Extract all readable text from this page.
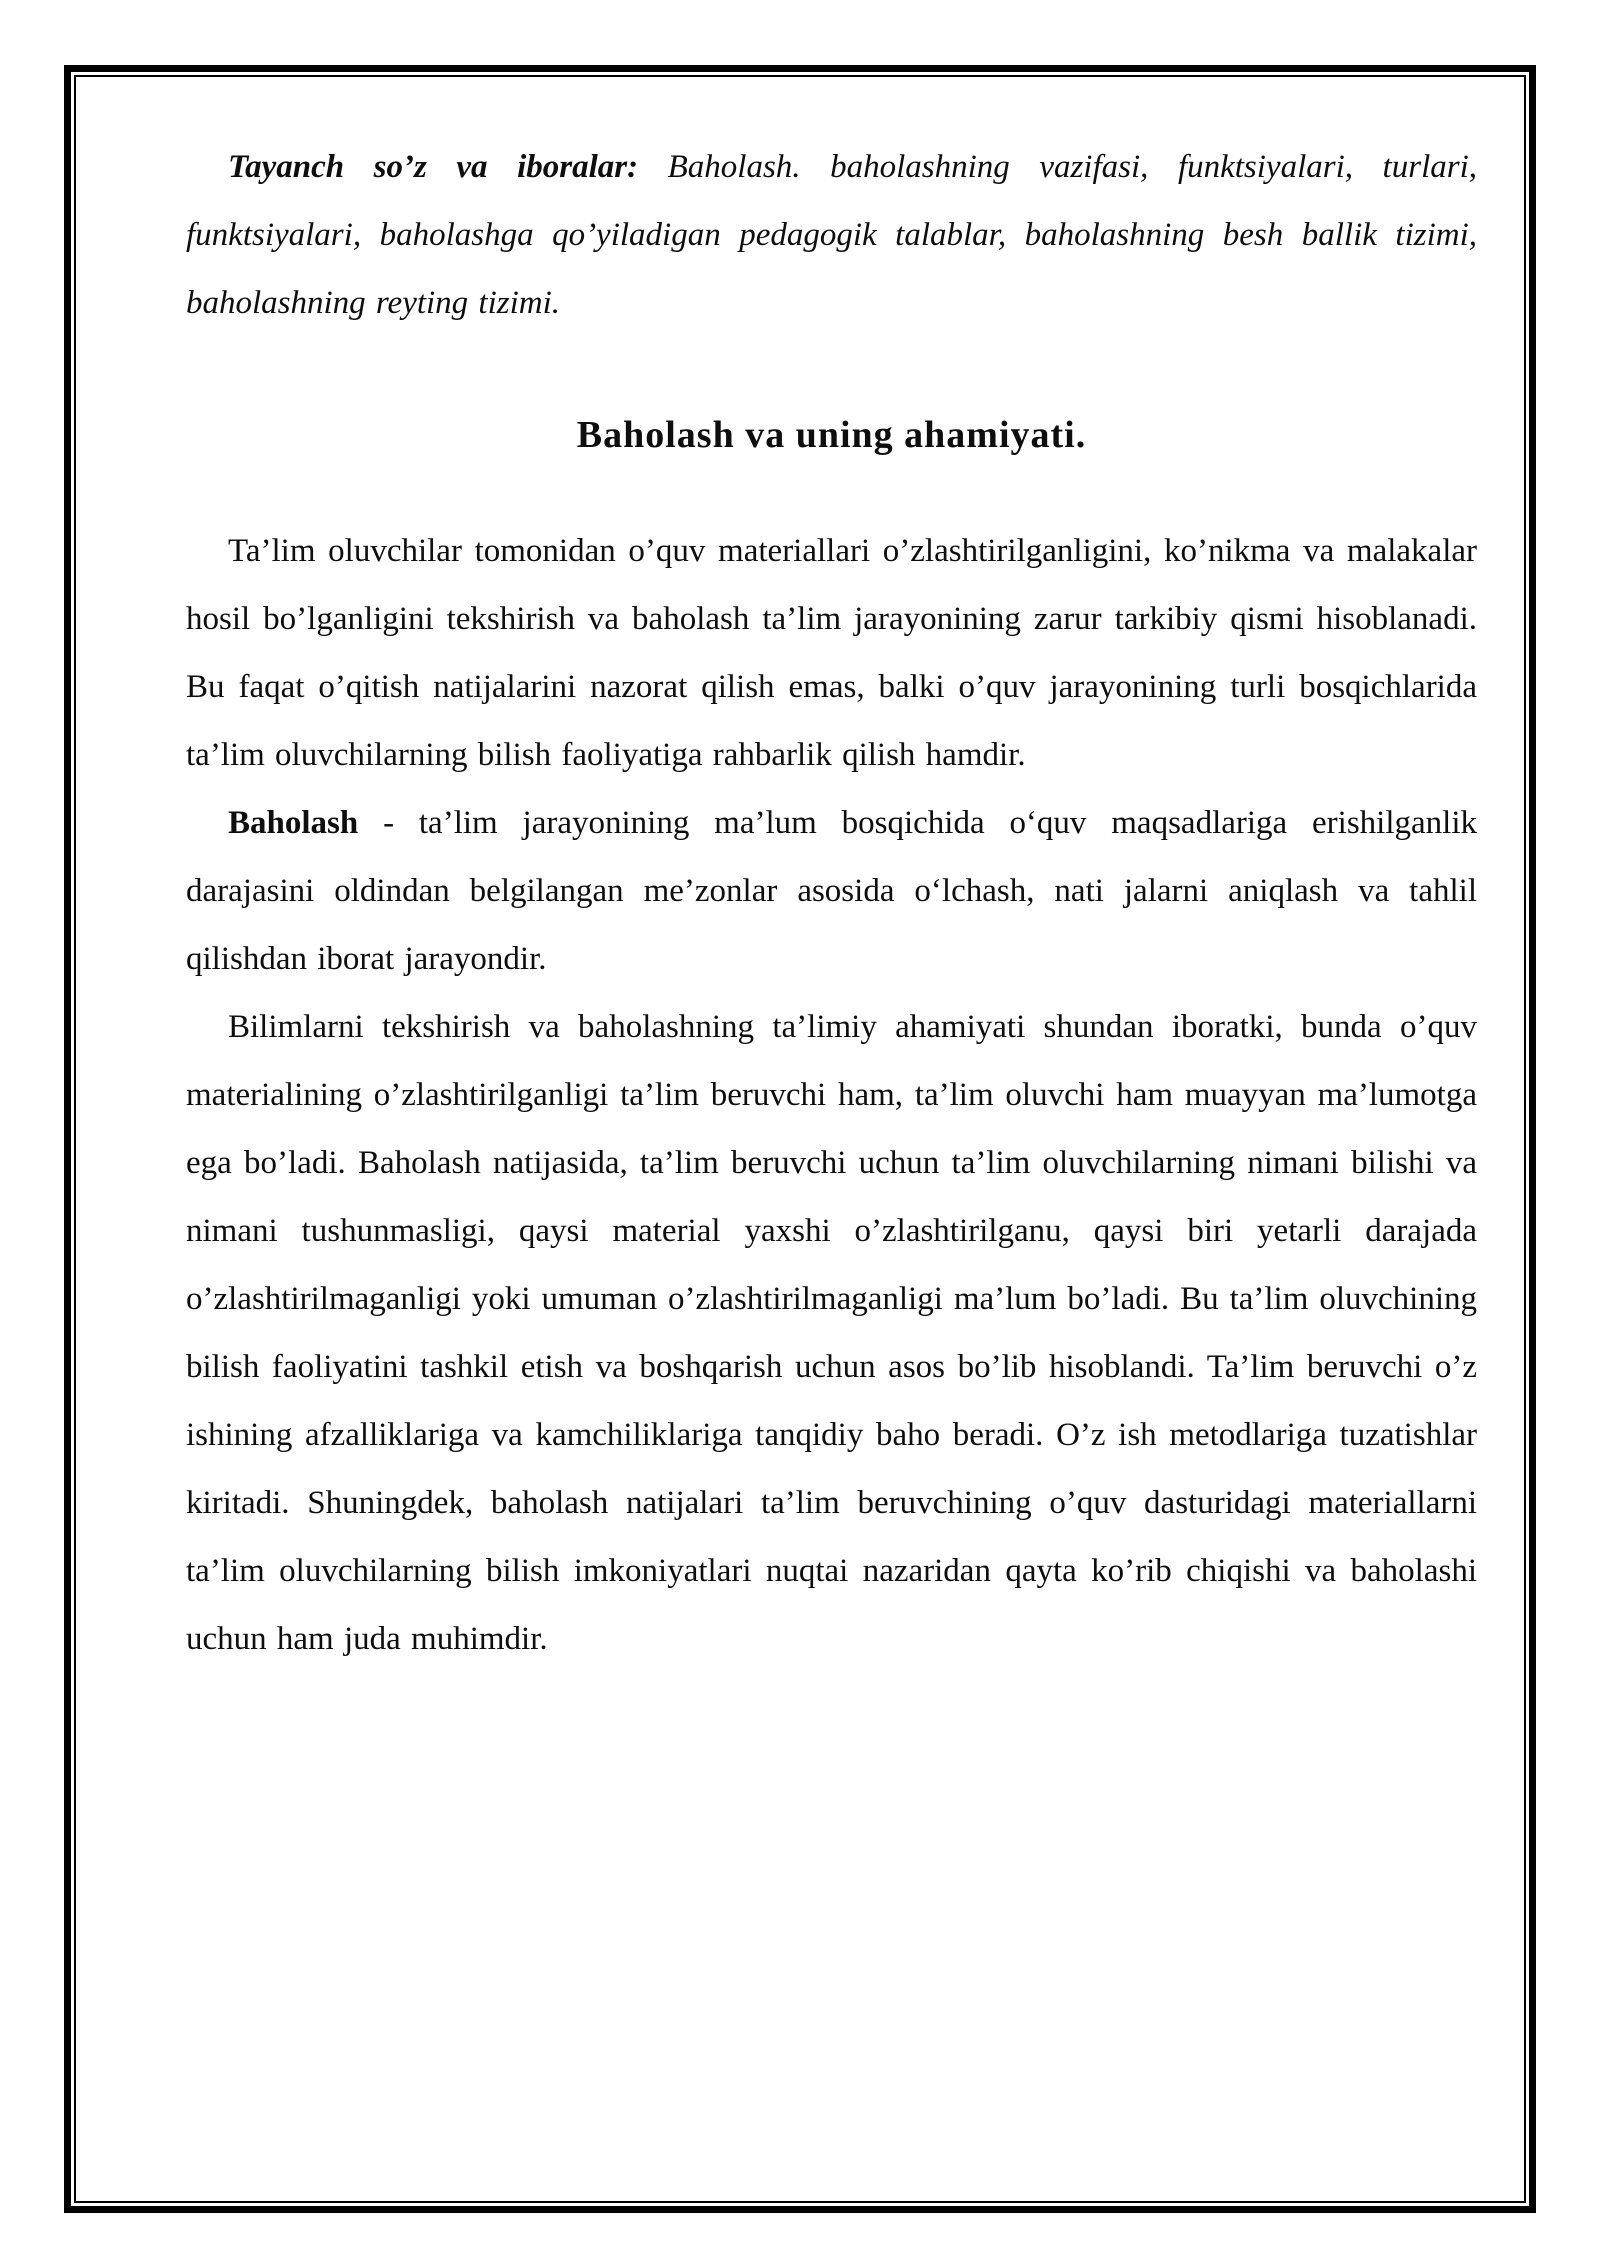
Tayanch so’z va iboralar: Baholash. baholashning vazifasi, funktsiyalari, turlari, funktsiyalari, baholashga qo’yiladigan pedagogik talablar, baholashning besh ballik tizimi, baholashning reyting tizimi.

Baholash va uning ahamiyati.

Ta’lim oluvchilar tomonidan o’quv materiallari o’zlashtirilganligini, ko’nikma va malakalar hosil bo’lganligini tekshirish va baholash ta’lim jarayonining zarur tarkibiy qismi hisoblanadi. Bu faqat o’qitish natijalarini nazorat qilish emas, balki o’quv jarayonining turli bosqichlarida ta’lim oluvchilarning bilish faoliyatiga rahbarlik qilish hamdir.

Baholash - ta’lim jarayonining ma’lum bosqichida o‘quv maqsadlariga erishilganlik darajasini oldindan belgilangan me’zonlar asosida o‘lchash, nati jalarni aniqlash va tahlil qilishdan iborat jarayondir.

Bilimlarni tekshirish va baholashning ta’limiy ahamiyati shundan iboratki, bunda o’quv materialining o’zlashtirilganligi ta’lim beruvchi ham, ta’lim oluvchi ham muayyan ma’lumotga ega bo’ladi. Baholash natijasida, ta’lim beruvchi uchun ta’lim oluvchilarning nimani bilishi va nimani tushunmasligi, qaysi material yaxshi o’zlashtirilganu, qaysi biri yetarli darajada o’zlashtirilmaganligi yoki umuman o’zlashtirilmaganligi ma’lum bo’ladi. Bu ta’lim oluvchining bilish faoliyatini tashkil etish va boshqarish uchun asos bo’lib hisoblandi. Ta’lim beruvchi o’z ishining afzalliklariga va kamchiliklariga tanqidiy baho beradi. O’z ish metodlariga tuzatishlar kiritadi. Shuningdek, baholash natijalari ta’lim beruvchining o’quv dasturidagi materiallarni ta’lim oluvchilarning bilish imkoniyatlari nuqtai nazaridan qayta ko’rib chiqishi va baholashi uchun ham juda muhimdir.
